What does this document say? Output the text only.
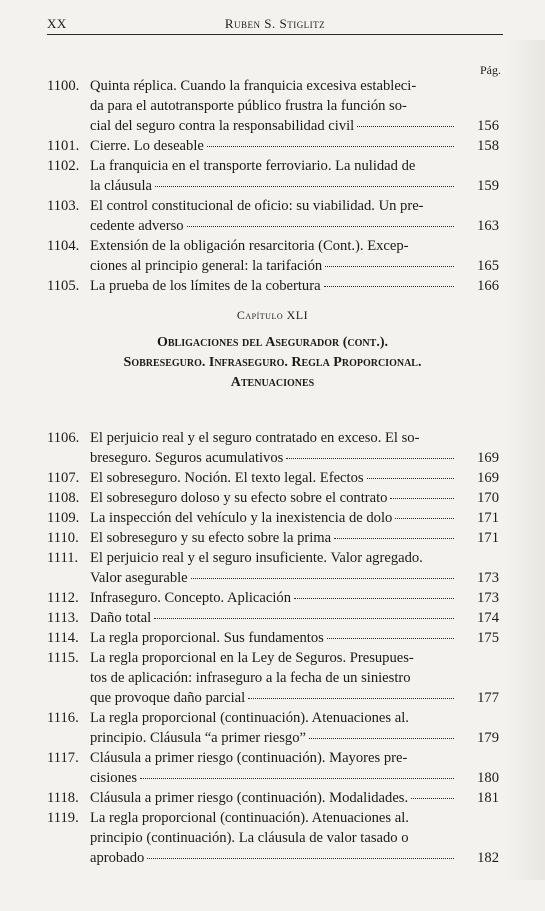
XX	Ruben S. Stiglitz
Pág.
1100. Quinta réplica. Cuando la franquicia excesiva estableci-
da para el autotransporte público frustra la función so-
cial del seguro contra la responsabilidad civil	156
1101. Cierre. Lo deseable	158
1102. La franquicia en el transporte ferroviario. La nulidad de
la cláusula	159
1103. El control constitucional de oficio: su viabilidad. Un pre-
cedente adverso	163
1104. Extensión de la obligación resarcitoria (Cont.). Excep-
ciones al principio general: la tarifación	165
1105. La prueba de los límites de la cobertura	166
Capítulo XLI
Obligaciones del Asegurador (cont.).
Sobreseguro. Infraseguro. Regla Proporcional.
Atenuaciones
1106. El perjuicio real y el seguro contratado en exceso. El so-
breseguro. Seguros acumulativos	169
1107. El sobreseguro. Noción. El texto legal. Efectos	169
1108. El sobreseguro doloso y su efecto sobre el contrato	170
1109. La inspección del vehículo y la inexistencia de dolo	171
1110. El sobreseguro y su efecto sobre la prima	171
1111. El perjuicio real y el seguro insuficiente. Valor agregado.
Valor asegurable	173
1112. Infraseguro. Concepto. Aplicación	173
1113. Daño total	174
1114. La regla proporcional. Sus fundamentos	175
1115. La regla proporcional en la Ley de Seguros. Presupues-
tos de aplicación: infraseguro a la fecha de un siniestro
que provoque daño parcial	177
1116. La regla proporcional (continuación). Atenuaciones al.
principio. Cláusula “a primer riesgo”	179
1117. Cláusula a primer riesgo (continuación). Mayores pre-
cisiones	180
1118. Cláusula a primer riesgo (continuación). Modalidades.	181
1119. La regla proporcional (continuación). Atenuaciones al.
principio (continuación). La cláusula de valor tasado o
aprobado	182
